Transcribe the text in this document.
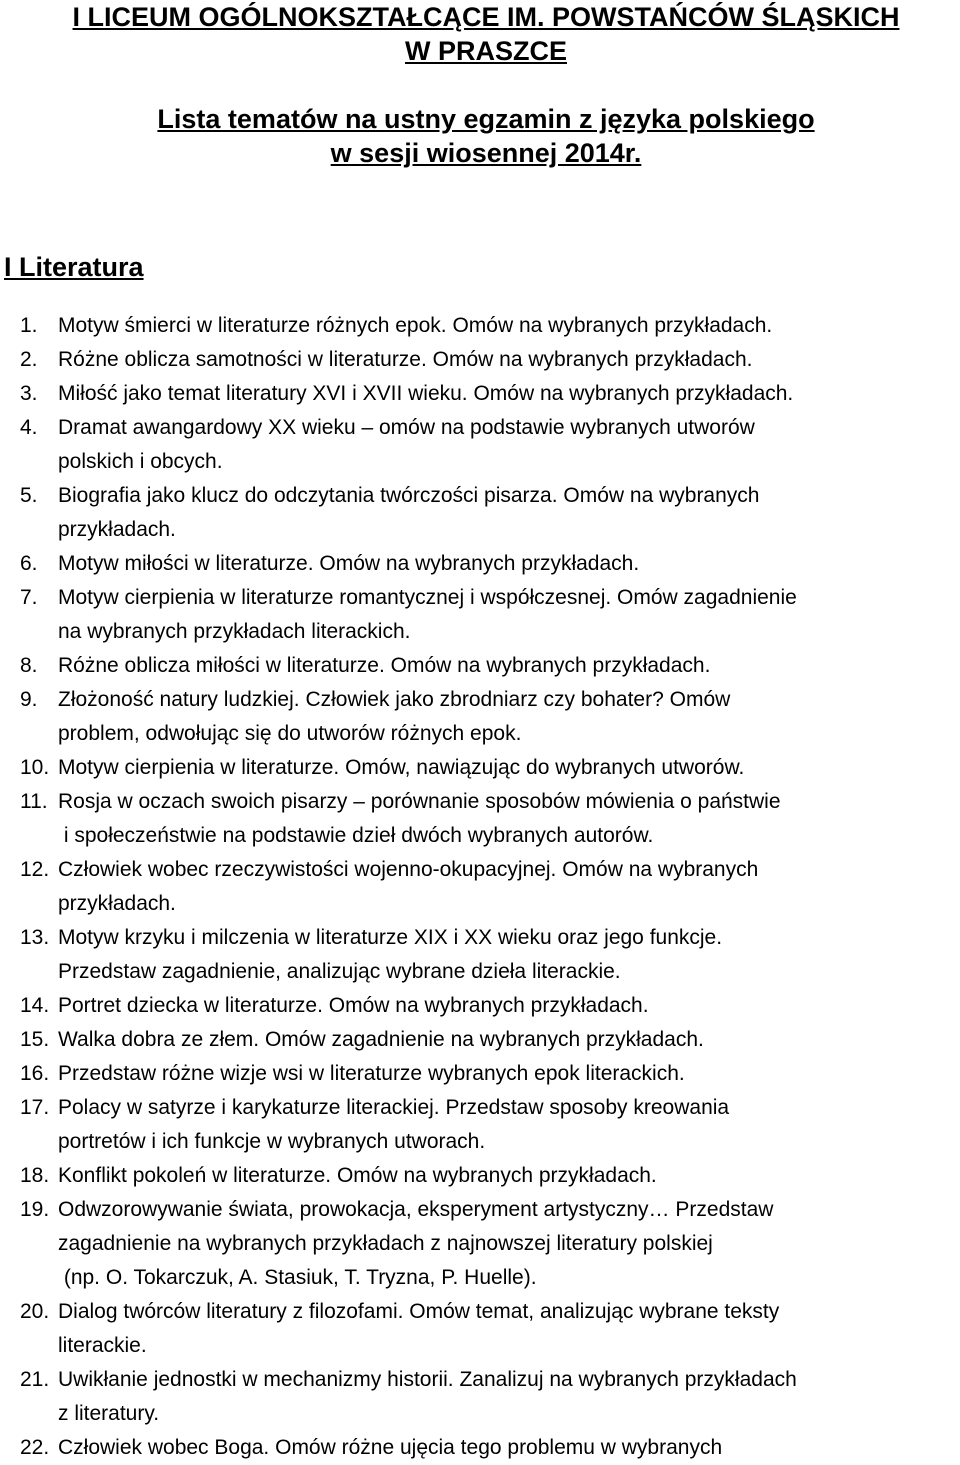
I LICEUM OGÓLNOKSZTAŁCĄCE IM. POWSTAŃCÓW ŚLĄSKICH
W PRASZCE
Lista tematów na ustny egzamin z języka polskiego
w sesji wiosennej 2014r.
I Literatura
1. Motyw śmierci w literaturze różnych epok. Omów na wybranych przykładach.
2. Różne oblicza samotności w literaturze. Omów na wybranych przykładach.
3. Miłość jako temat literatury XVI i XVII wieku. Omów na wybranych przykładach.
4. Dramat awangardowy XX wieku – omów na podstawie wybranych utworów
polskich i obcych.
5. Biografia jako klucz do odczytania twórczości pisarza. Omów na wybranych
przykładach.
6. Motyw miłości w literaturze. Omów na wybranych przykładach.
7. Motyw cierpienia w literaturze romantycznej i współczesnej. Omów zagadnienie
na wybranych przykładach literackich.
8. Różne oblicza miłości w literaturze. Omów na wybranych przykładach.
9. Złożoność natury ludzkiej. Człowiek jako zbrodniarz czy bohater? Omów
problem, odwołując się do utworów różnych epok.
10. Motyw cierpienia w literaturze. Omów, nawiązując do wybranych utworów.
11. Rosja w oczach swoich pisarzy – porównanie sposobów mówienia o państwie
i społeczeństwie na podstawie dzieł dwóch wybranych autorów.
12. Człowiek wobec rzeczywistości wojenno-okupacyjnej. Omów na wybranych
przykładach.
13. Motyw krzyku i milczenia w literaturze XIX i XX wieku oraz jego funkcje.
Przedstaw zagadnienie, analizując wybrane dzieła literackie.
14. Portret dziecka w literaturze. Omów na wybranych przykładach.
15. Walka dobra ze złem. Omów zagadnienie na wybranych przykładach.
16. Przedstaw różne wizje wsi w literaturze wybranych epok literackich.
17. Polacy w satyrze i karykaturze literackiej. Przedstaw sposoby kreowania
portretów i ich funkcje w wybranych utworach.
18. Konflikt pokoleń w literaturze. Omów na wybranych przykładach.
19. Odwzorowywanie świata, prowokacja, eksperyment artystyczny… Przedstaw
zagadnienie na wybranych przykładach z najnowszej literatury polskiej
(np. O. Tokarczuk, A. Stasiuk, T. Tryzna, P. Huelle).
20. Dialog twórców literatury z filozofami. Omów temat, analizując wybrane teksty
literackie.
21. Uwikłanie jednostki w mechanizmy historii. Zanalizuj na wybranych przykładach
z literatury.
22. Człowiek wobec Boga. Omów różne ujęcia tego problemu w wybranych
